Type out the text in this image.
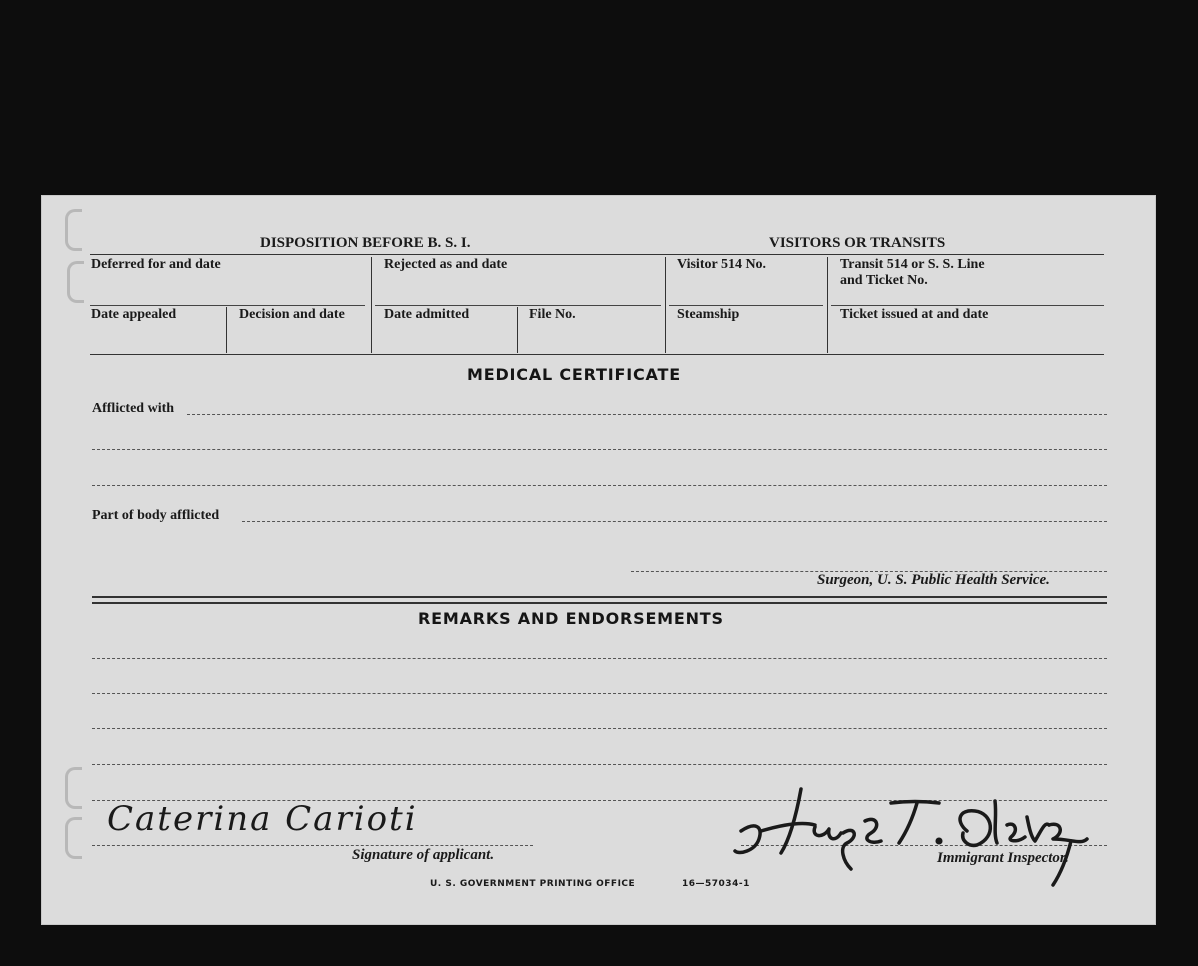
DISPOSITION BEFORE B. S. I.	VISITORS OR TRANSITS
Deferred for and date	Rejected as and date	Visitor 514 No.	Transit 514 or S. S. Line
and Ticket No.
Date appealed	Decision and date	Date admitted	File No.	Steamship	Ticket issued at and date
MEDICAL CERTIFICATE
Afflicted with
Part of body afflicted
Surgeon, U. S. Public Health Service.
REMARKS AND ENDORSEMENTS
Caterina Carioti
Signature of applicant.	Immigrant Inspector.
U. S. GOVERNMENT PRINTING OFFICE	16—57034-1
